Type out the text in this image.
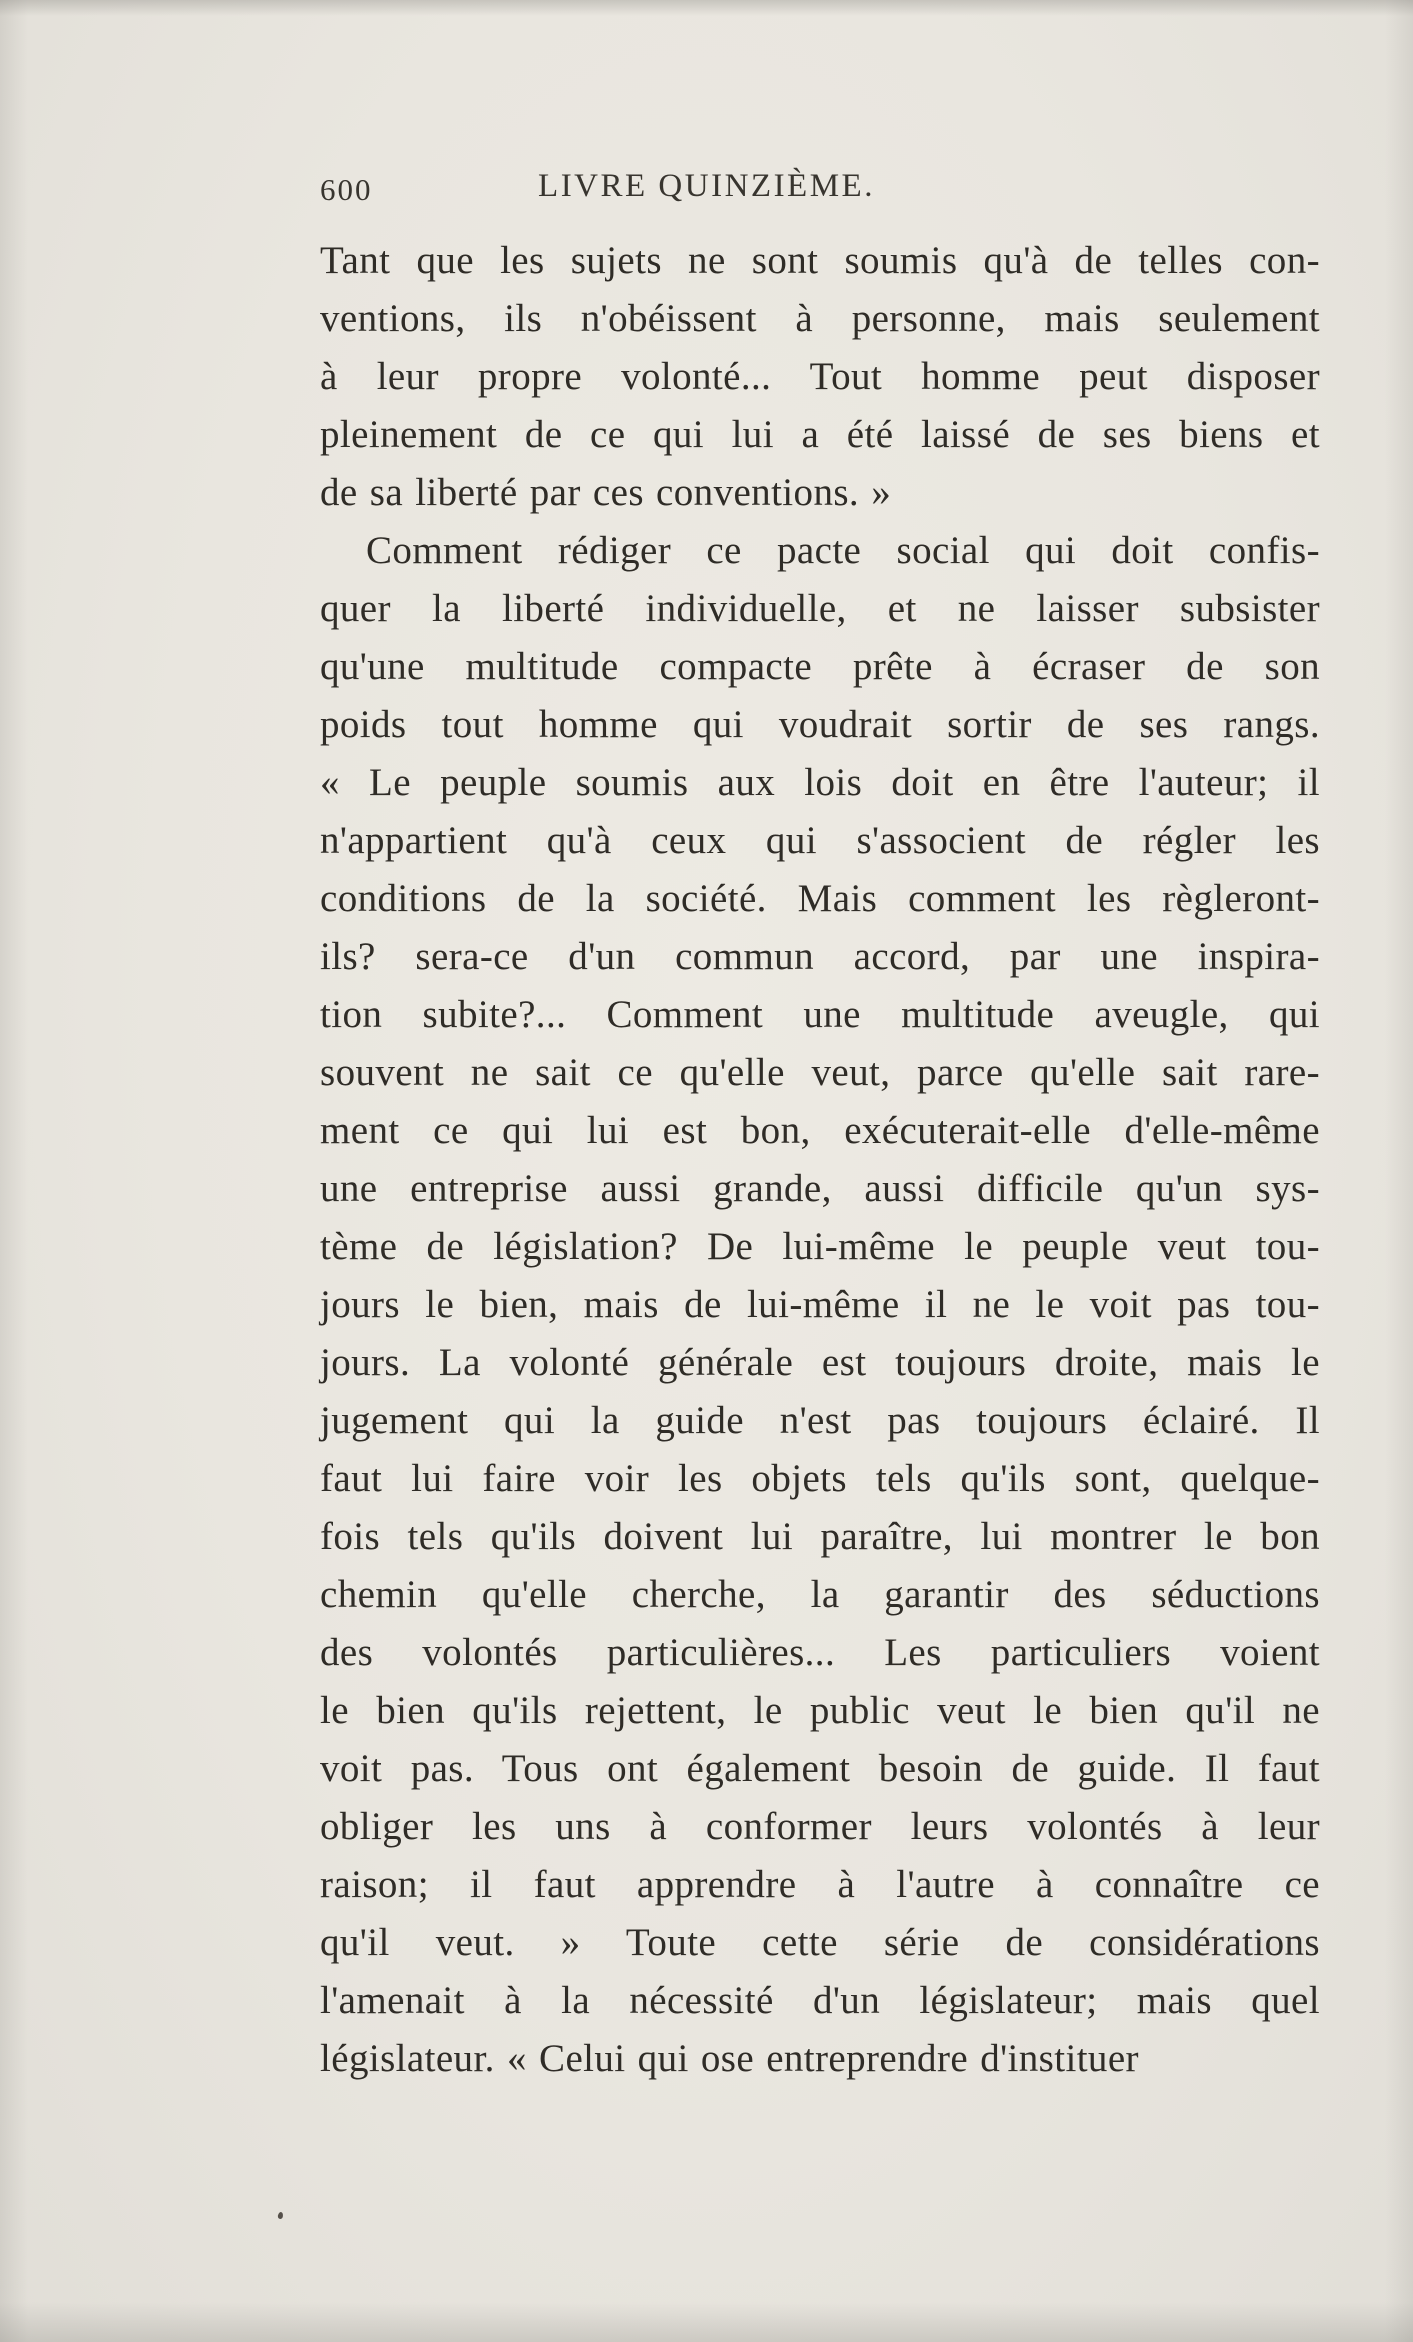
600	LIVRE QUINZIÈME.
Tant que les sujets ne sont soumis qu'à de telles con-
ventions, ils n'obéissent à personne, mais seulement
à leur propre volonté... Tout homme peut disposer
pleinement de ce qui lui a été laissé de ses biens et
de sa liberté par ces conventions. »
Comment rédiger ce pacte social qui doit confis-
quer la liberté individuelle, et ne laisser subsister
qu'une multitude compacte prête à écraser de son
poids tout homme qui voudrait sortir de ses rangs.
« Le peuple soumis aux lois doit en être l'auteur; il
n'appartient qu'à ceux qui s'associent de régler les
conditions de la société. Mais comment les règleront-
ils? sera-ce d'un commun accord, par une inspira-
tion subite?... Comment une multitude aveugle, qui
souvent ne sait ce qu'elle veut, parce qu'elle sait rare-
ment ce qui lui est bon, exécuterait-elle d'elle-même
une entreprise aussi grande, aussi difficile qu'un sys-
tème de législation? De lui-même le peuple veut tou-
jours le bien, mais de lui-même il ne le voit pas tou-
jours. La volonté générale est toujours droite, mais le
jugement qui la guide n'est pas toujours éclairé. Il
faut lui faire voir les objets tels qu'ils sont, quelque-
fois tels qu'ils doivent lui paraître, lui montrer le bon
chemin qu'elle cherche, la garantir des séductions
des volontés particulières... Les particuliers voient
le bien qu'ils rejettent, le public veut le bien qu'il ne
voit pas. Tous ont également besoin de guide. Il faut
obliger les uns à conformer leurs volontés à leur
raison; il faut apprendre à l'autre à connaître ce
qu'il veut. » Toute cette série de considérations
l'amenait à la nécessité d'un législateur; mais quel
législateur. « Celui qui ose entreprendre d'instituer
